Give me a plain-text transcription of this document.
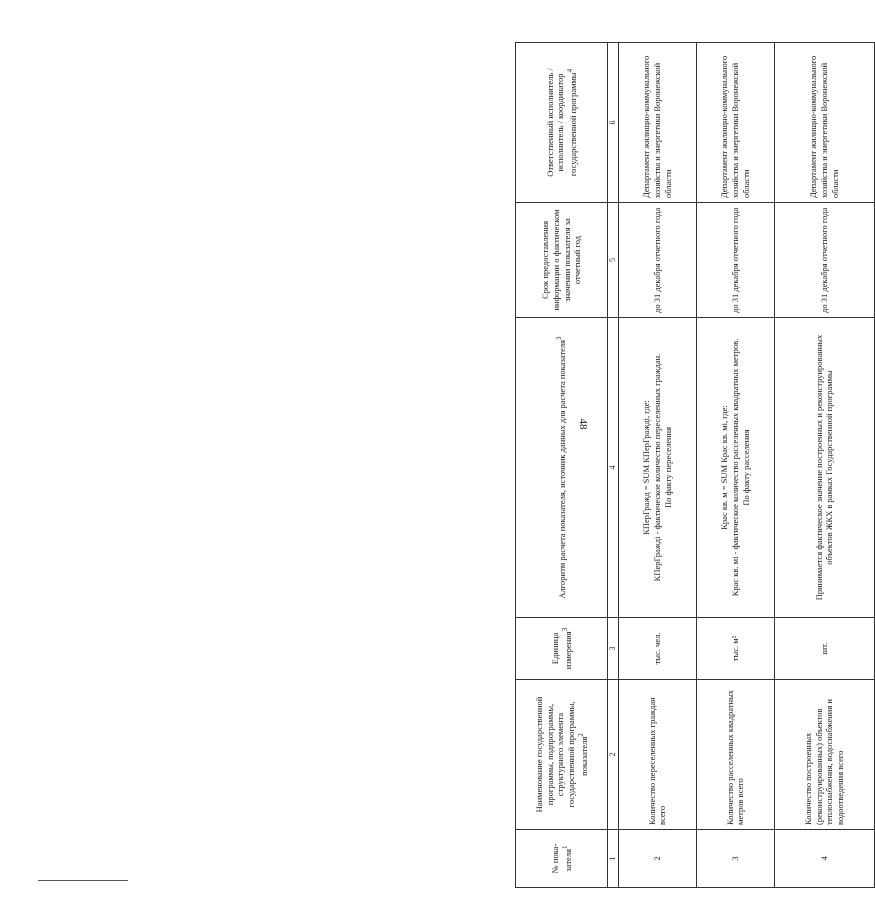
48
№ пока-зателя$^1$	Наименование государственной программы, подпрограммы, структурного элемента государственной программы, показателя$^2$	Единица измерения$^3$	Алгоритм расчета показателя, источник данных для расчета показателя$^3$	Срок предоставления информации о фактическом значении показателя за отчетный год	Ответственный исполнитель / исполнитель / координатор государственной программы$^4$
1	2	3	4	5	6
2	Количество переселенных граждан всего	тыс. чел.	КПерГражд = SUM КПерГраждi, где: КПерГраждi - фактическое количество переселенных граждан. По факту переселения	до 31 декабря отчетного года	Департамент жилищно-коммунального хозяйства и энергетики Воронежской области
3	Количество расселенных квадратных метров всего	тыс. м²	Крас кв. м = SUM Крас кв. мi, где: Крас кв. мi - фактическое количество расселенных квадратных метров. По факту расселения	до 31 декабря отчетного года	Департамент жилищно-коммунального хозяйства и энергетики Воронежской области
4	Количество построенных (реконструированных) объектов теплоснабжения, водоснабжения и водоотведения всего	шт.	Принимается фактическое значение построенных и реконструированных объектов ЖКХ в рамках Государственной программы	до 31 декабря отчетного года	Департамент жилищно-коммунального хозяйства и энергетики Воронежской области
